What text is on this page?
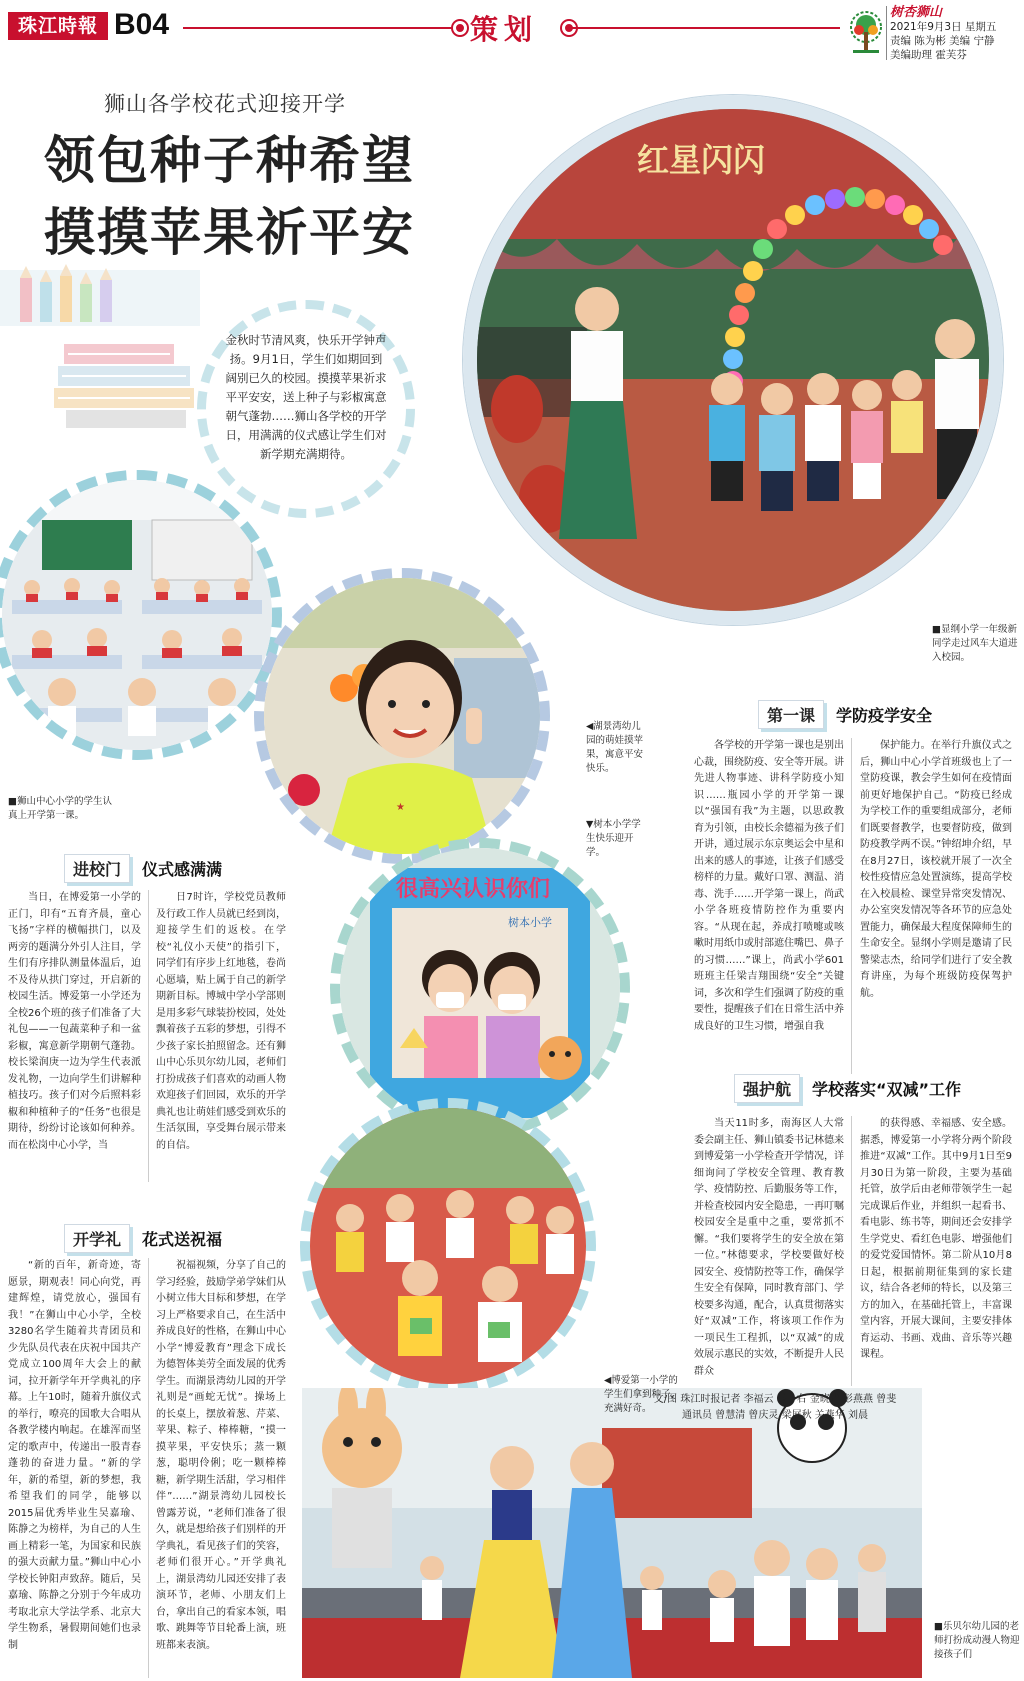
珠江時報 B04	策划
树杏狮山
2021年9月3日 星期五
责编 陈为彬 美编 宁静
美编助理 霍芙芬
狮山各学校花式迎接开学
领包种子种希望
摸摸苹果祈平安
红星闪闪
金秋时节清风爽，快乐开学钟声扬。9月1日，学生们如期回到阔别已久的校园。摸摸苹果祈求平平安安，送上种子与彩椒寓意朝气蓬勃……狮山各学校的开学日，用满满的仪式感让学生们对新学期充满期待。
★
很高兴认识你们
树本小学
■显纲小学一年级新同学走过风车大道进入校园。
■狮山中心小学的学生认真上开学第一课。
◀湖景湾幼儿园的萌娃摸苹果，寓意平安快乐。
▼树本小学学生快乐迎开学。
◀博爱第一小学的学生们拿到种子，充满好奇。
■乐贝尔幼儿园的老师打扮成动漫人物迎接孩子们
进校门	仪式感满满

当日，在博爱第一小学的正门，印有“五育齐晨，童心飞扬”字样的横幅拱门，以及两旁的题满分外引人注目，学生们有序排队测量体温后，迫不及待从拱门穿过，开启新的校园生活。博爱第一小学还为全校26个班的孩子们准备了大礼包——一包蔬菜种子和一盆彩椒，寓意新学期朝气蓬勃。校长梁润庚一边为学生代表派发礼物，一边向学生们讲解种植技巧。孩子们对今后照料彩椒和种植种子的“任务”也很是期待，纷纷讨论该如何种养。而在松岗中心小学，当

日7时许，学校党员教师及行政工作人员就已经到岗，迎接学生们的返校。在学校“礼仪小天使”的指引下，同学们有序步上红地毯，卷尚心愿墙，贴上属于自己的新学期新目标。博城中学小学部则是用多彩气球装扮校园，处处飘着孩子五彩的梦想，引得不少孩子家长拍照留念。还有狮山中心乐贝尔幼儿园，老师们打扮成孩子们喜欢的动画人物欢迎孩子们回园，欢乐的开学典礼也让萌娃们感受到欢乐的生活氛围，享受舞台展示带来的自信。

开学礼	花式送祝福

“新的百年，新奇迹，寄愿景，期观表！同心向党，再建辉煌，请党放心，强国有我！”在狮山中心小学，全校3280名学生随着共青团员和少先队员代表在庆祝中国共产党成立100周年大会上的献词，拉开新学年开学典礼的序幕。上午10时，随着升旗仪式的举行，嘹亮的国歌大合唱从各教学楼内响起。在雄浑而坚定的歌声中，传递出一股青春蓬勃的奋进力量。“新的学年，新的希望，新的梦想，我希望我们的同学，能够以2015届优秀毕业生吴嘉瑜、陈静之为榜样，为自己的人生画上精彩一笔，为国家和民族的强大贡献力量。”狮山中心小学校长钟阳声致辞。随后，吴嘉瑜、陈静之分别于今年成功考取北京大学法学系、北京大学生物系，暑假期间她们也录制

祝福视频，分享了自己的学习经验，鼓励学弟学妹们从小树立伟大目标和梦想，在学习上严格要求自己，在生活中养成良好的性格，在狮山中心小学“博爱教育”理念下成长为德智体美劳全面发展的优秀学生。而湖景湾幼儿园的开学礼则是“画蛇无忧”。操场上的长桌上，摆放着葱、芹菜、苹果、粽子、棒棒糖，“摸一摸苹果，平安快乐；蒸一颗葱，聪明伶俐；吃一颗棒棒糖，新学期生活甜，学习相伴伴”……”湖景湾幼儿园校长曾露芳说，“老师们准备了很久，就是想给孩子们别样的开学典礼，看见孩子们的笑容，老师们很开心。”开学典礼上，湖景湾幼儿园还安排了表演环节，老师、小朋友们上台，拿出自己的看家本领，唱歌、跳舞等节目轮番上演，班班都来表演。

第一课	学防疫学安全

各学校的开学第一课也是别出心裁，围绕防疫、安全等开展。讲先进人物事迹、讲科学防疫小知识……瓶园小学的开学第一课以“强国有我”为主题，以思政教育为引领，由校长余德福为孩子们开讲，通过展示东京奥运会中星和出来的感人的事迹，让孩子们感受榜样的力量。戴好口罩、测温、消毒、洗手……开学第一课上，尚武小学各班疫情防控作为重要内容。“从现在起，养成打喷嚏或咳嗽时用纸巾或肘部遮住嘴巴、鼻子的习惯……”课上，尚武小学601班班主任梁吉翔围绕“安全”关键词，多次和学生们强调了防疫的重要性，提醒孩子们在日常生活中养成良好的卫生习惯，增强自我

保护能力。在举行升旗仪式之后，狮山中心小学首班级也上了一堂防疫课，教会学生如何在疫情面前更好地保护自己。“防疫已经成为学校工作的重要组成部分，老师们既要督教学，也要督防疫，做到防疫教学两不误。”钟绍坤介绍，早在8月27日，该校就开展了一次全校性疫情应急处置演练，提高学校在入校晨检、课堂异常突发情况、办公室突发情况等各环节的应急处置能力，确保最大程度保障师生的生命安全。显纲小学则是邀请了民警梁志杰，给同学们进行了安全教育讲座，为每个班级防疫保驾护航。

强护航	学校落实“双减”工作

当天11时多，南海区人大常委会副主任、狮山镇委书记林德来到博爱第一小学检查开学情况，详细询问了学校安全管理、教育教学、疫情防控、后勤服务等工作，并检查校园内安全隐患，一再叮嘱校园安全是重中之重，要常抓不懈。“我们要将学生的安全放在第一位。”林德要求，学校要做好校园安全、疫情防控等工作，确保学生安全有保障，同时教育部门、学校要多沟通，配合，认真贯彻落实好“双减”工作，将该项工作作为一项民生工程抓，以“双减”的成效展示惠民的实效，不断提升人民群众

的获得感、幸福感、安全感。据悉，博爱第一小学将分两个阶段推进“双减”工作。其中9月1日至9月30日为第一阶段，主要为基础托管，放学后由老师带领学生一起完成课后作业，并组织一起看书、看电影、练书等，期间还会安排学生学党史、看红色电影、增强他们的爱党爱国情怀。第二阶从10月8日起，根据前期征集到的家长建议，结合各老师的特长，以及第三方的加入，在基础托管上，丰富课堂内容，开展大课间，主要安排体育运动、书画、戏曲、音乐等兴趣课程。

文/图 珠江时报记者 李福云 马一右 金晓青 彭燕燕 曾斐
通讯员 曾慧清 曾庆灵 梁展秋 关燕华 刘晨
